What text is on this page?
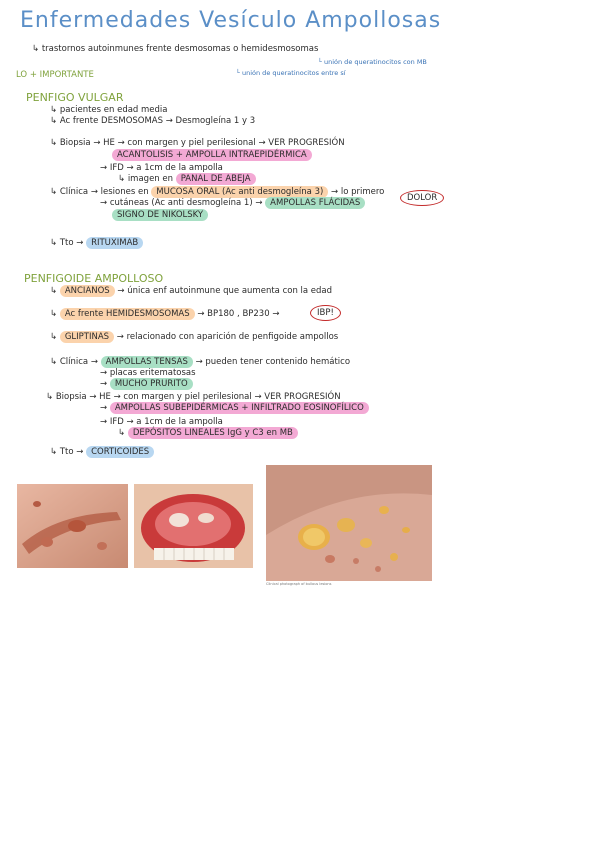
Enfermedades Vesículo Ampollosas
↳ trastornos autoinmunes frente desmosomas o hemidesmosomas
└ unión de queratinocitos con MB
└ unión de queratinocitos entre sí
LO + IMPORTANTE
PENFIGO VULGAR
↳ pacientes en edad media
↳ Ac frente DESMOSOMAS → Desmogleína 1 y 3
↳ Biopsia → HE → con margen y piel perilesional → VER PROGRESIÓN
ACANTOLISIS + AMPOLLA INTRAEPIDÉRMICA
→ IFD → a 1cm de la ampolla
↳ imagen en PANAL DE ABEJA
↳ Clínica → lesiones en MUCOSA ORAL (Ac anti desmogleína 3) → lo primero
DOLOR
→ cutáneas (Ac anti desmogleína 1) → AMPOLLAS FLÁCIDAS
SIGNO DE NIKOLSKY
↳ Tto → RITUXIMAB
PENFIGOIDE AMPOLLOSO
↳ ANCIANOS → única enf autoinmune que aumenta con la edad
↳ Ac frente HEMIDESMOSOMAS → BP180 , BP230 →	IBP!
↳ GLIPTINAS → relacionado con aparición de penfigoide ampollos
↳ Clínica → AMPOLLAS TENSAS → pueden tener contenido hemático
→ placas eritematosas
→ MUCHO PRURITO
↳ Biopsia → HE → con margen y piel perilesional → VER PROGRESIÓN
→ AMPOLLAS SUBEPIDÉRMICAS + INFILTRADO EOSINOFÍLICO
→ IFD → a 1cm de la ampolla
↳ DEPÓSITOS LINEALES IgG y C3 en MB
↳ Tto → CORTICOIDES
Clinical photograph of bullous lesions
